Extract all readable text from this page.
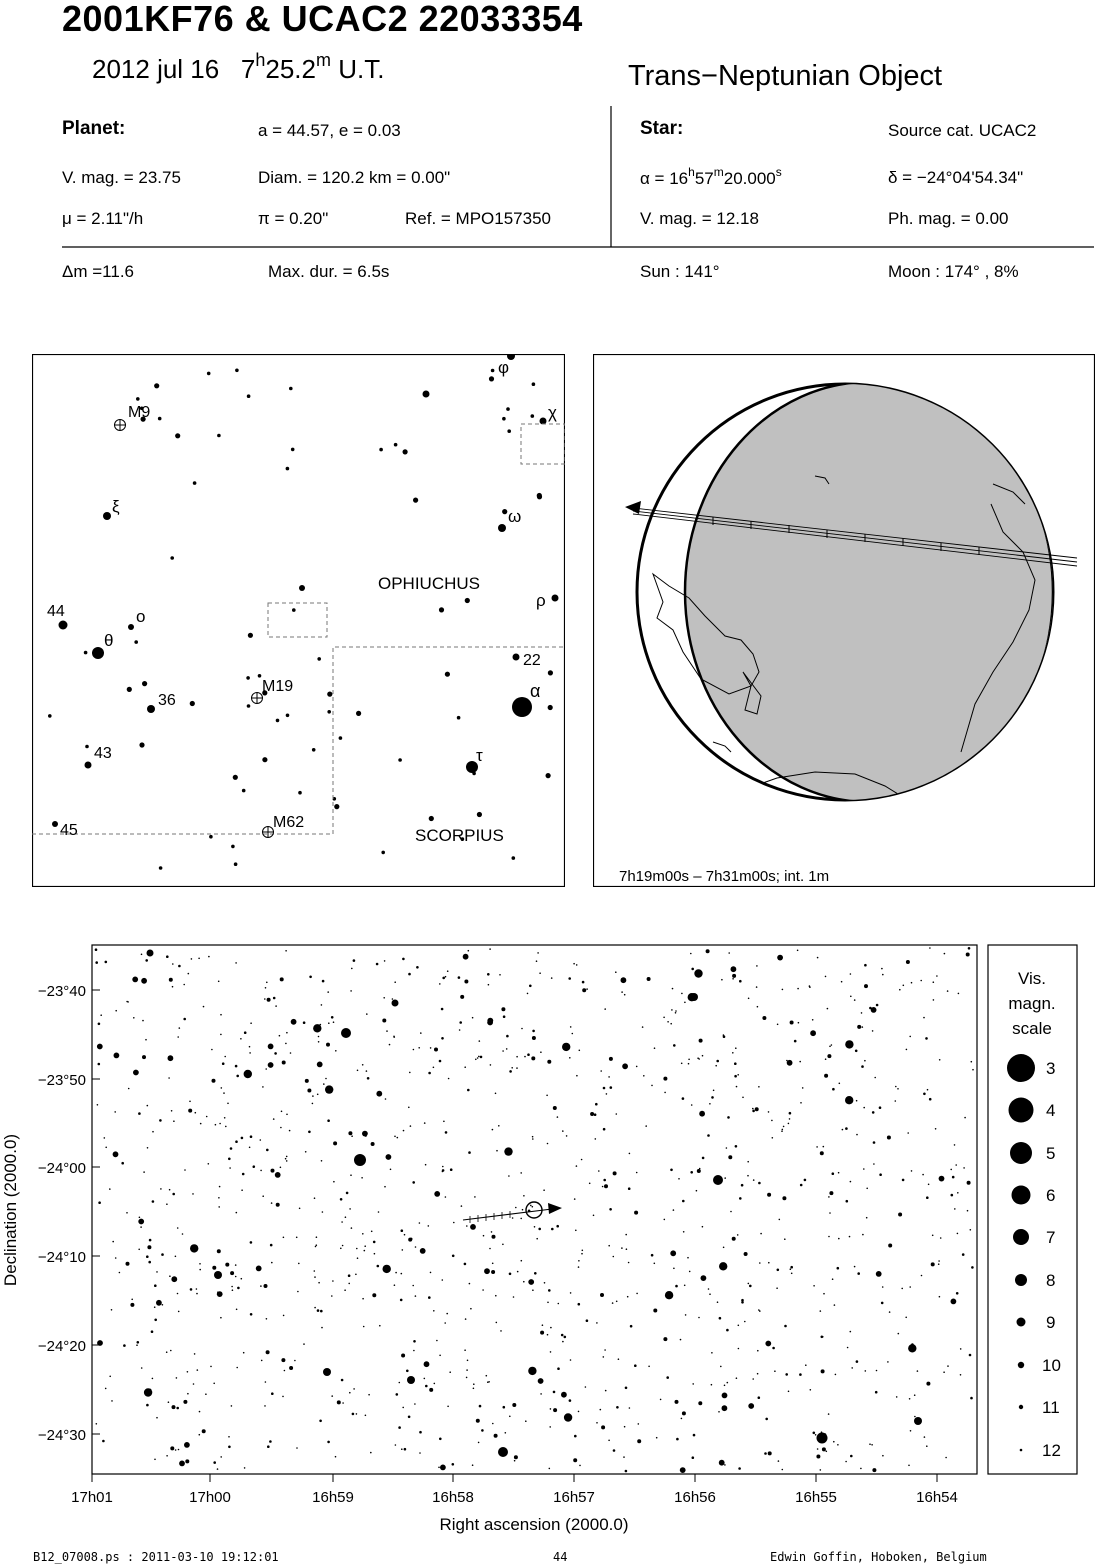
2001KF76 & UCAC2 22033354
2012 jul 16 7$^h$25.2$^m$ U.T.	Trans−Neptunian Object
Planet:	a = 44.57, e = 0.03
V. mag. = 23.75	Diam. = 120.2 km = 0.00"
μ = 2.11"/h	π = 0.20"	Ref. = MPO157350
Star:	Source cat. UCAC2
$\alpha = 16^h57^m20.000^s$	δ = −24°04'54.34"
V. mag. = 12.18	Ph. mag. = 0.00
Δm =11.6	Max. dur. = 6.5s	Sun : 141°	Moon : 174° , 8%
OPHIUCHUS
SCORPIUS
M9
ξ
44	ο
θ
36
M19
43
45	M62
φ
χ
ω
ρ
22
α
τ
7h19m00s – 7h31m00s; int. 1m
−23°40
−23°50
−24°00
−24°10
−24°20
−24°30
Declination (2000.0)
17h01	17h00	16h59	16h58	16h57	16h56	16h55	16h54
Right ascension (2000.0)
Vis.
magn.
scale
3
4
5
6
7
8
9
10
11
12
B12_07008.ps : 2011-03-10 19:12:01	44	Edwin Goffin, Hoboken, Belgium
